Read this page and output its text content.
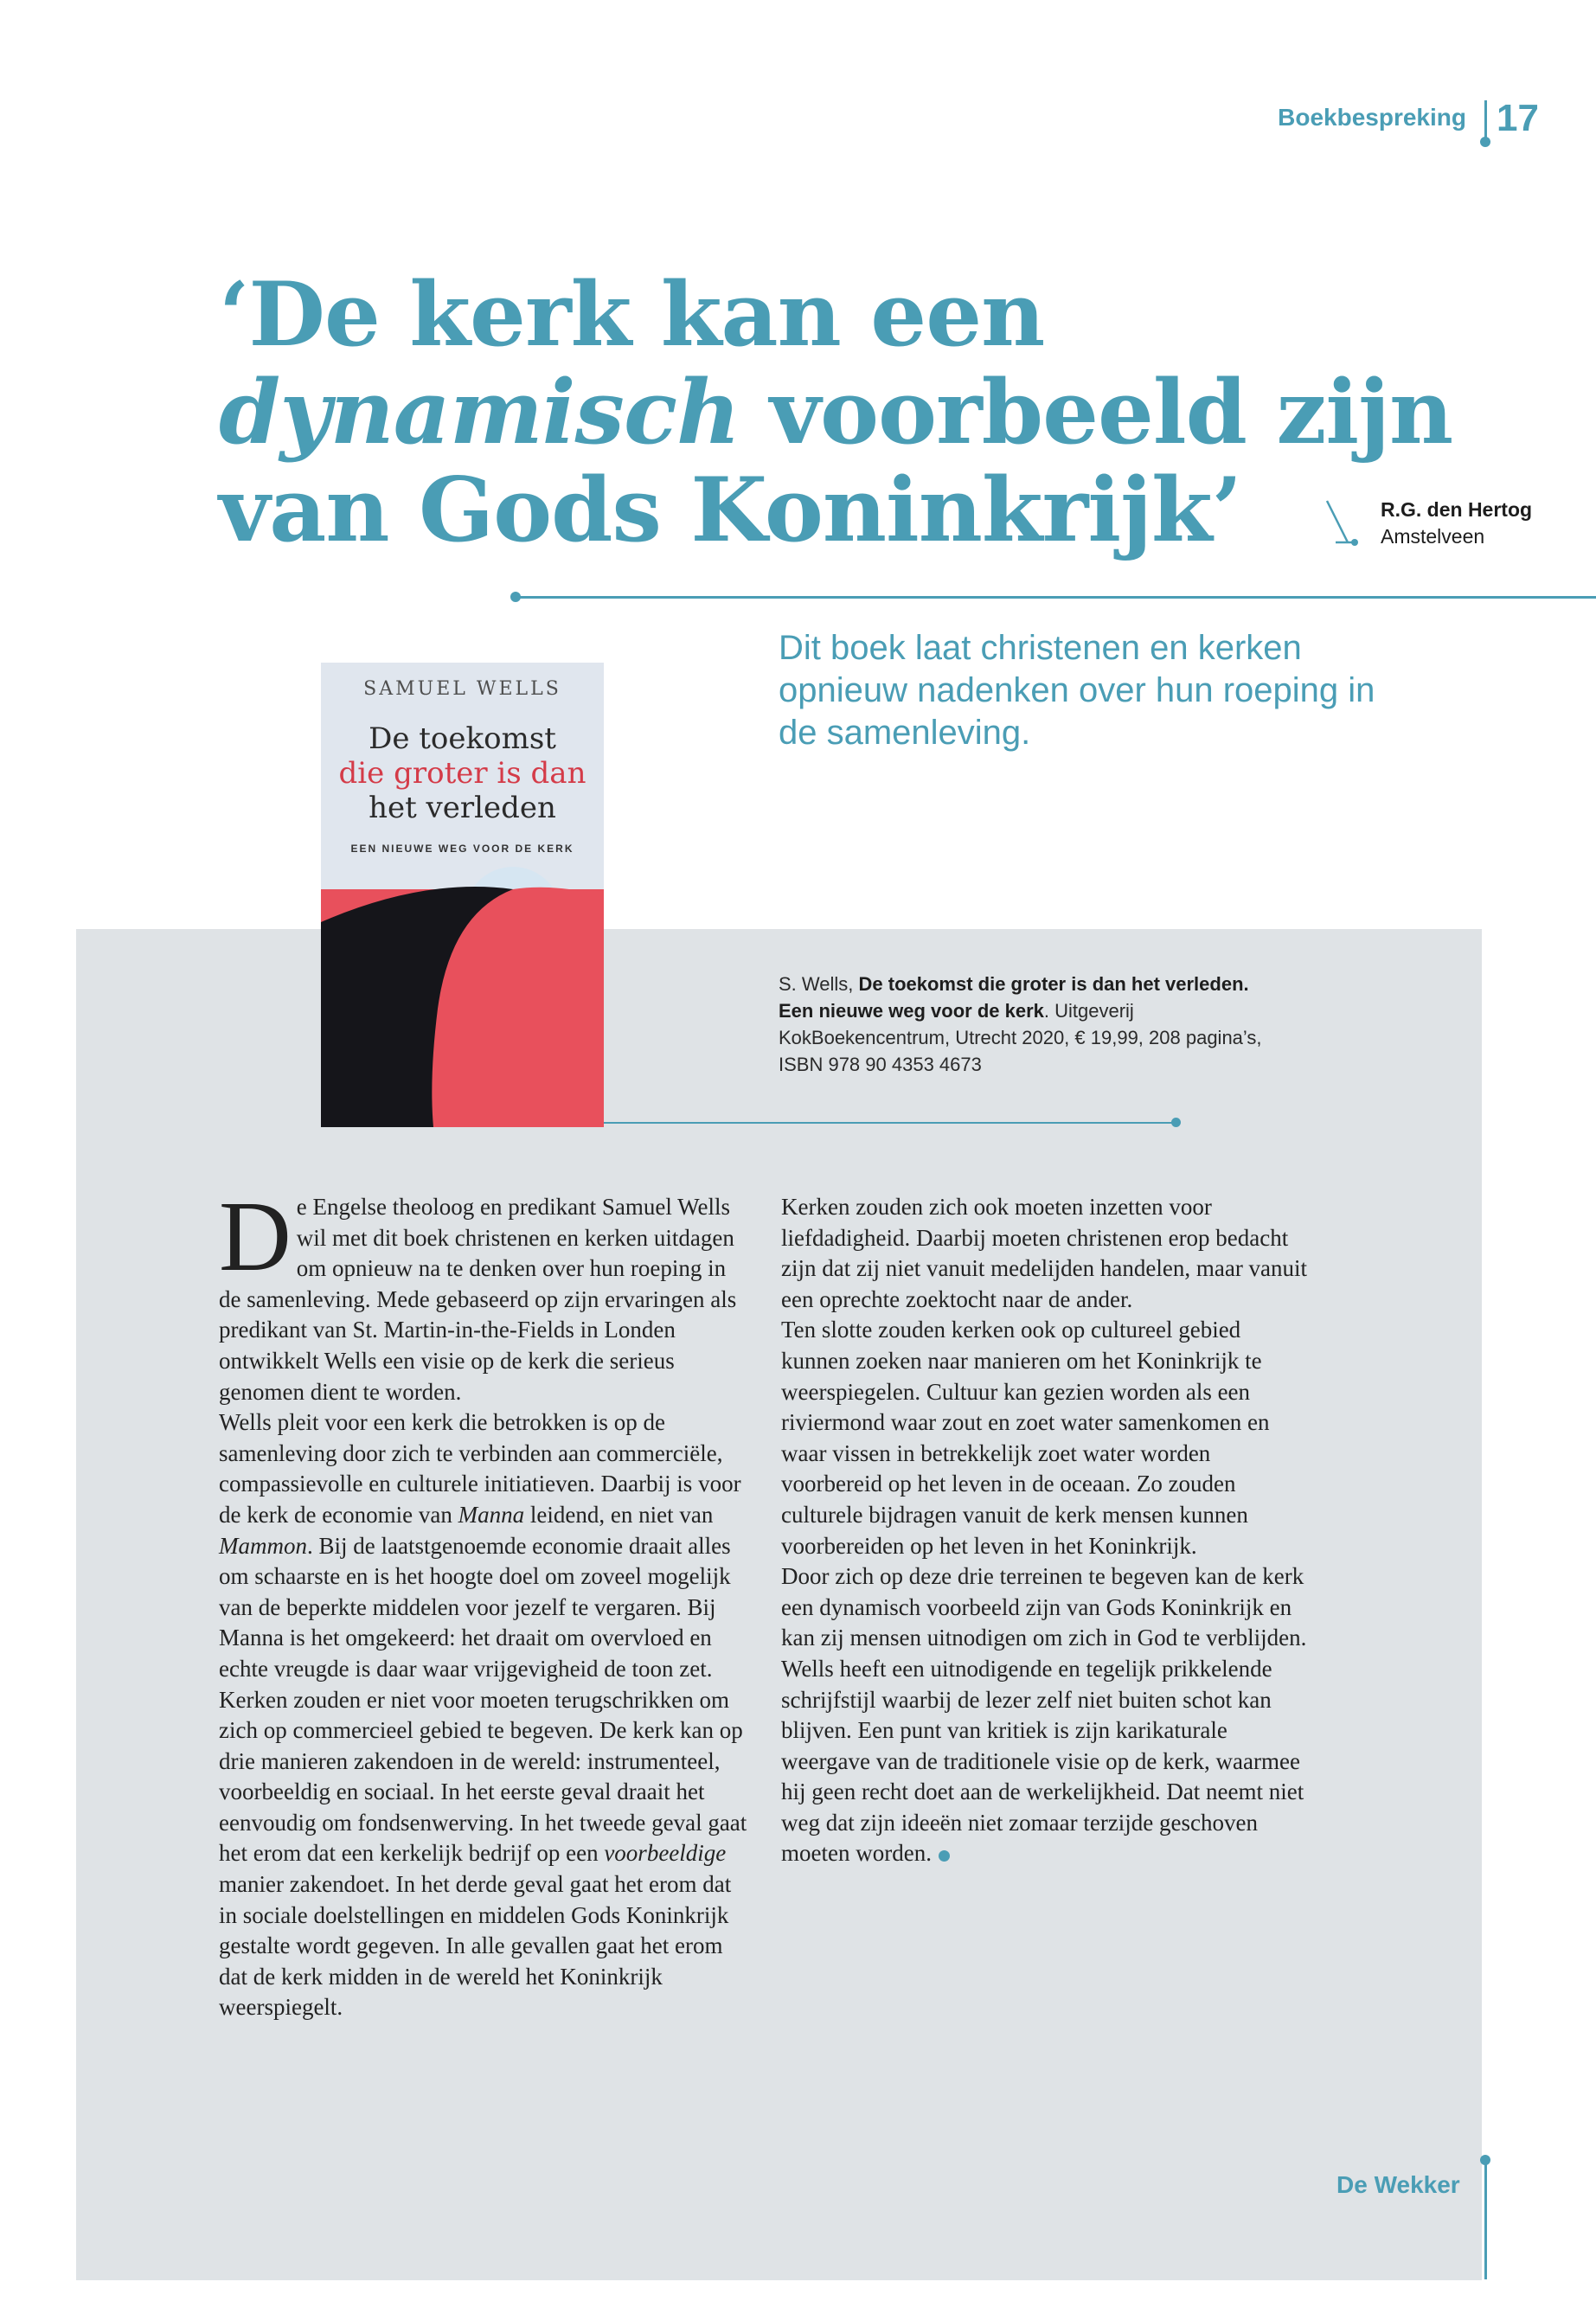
Boekbespreking 17
‘De kerk kan een
dynamisch voorbeeld zijn
van Gods Koninkrijk’	R.G. den Hertog
Amstelveen

Dit boek laat christenen en kerken opnieuw nadenken over hun roeping in de samenleving.

SAMUEL WELLS
De toekomst
die groter is dan
het verleden
EEN NIEUWE WEG VOOR DE KERK

S. Wells, De toekomst die groter is dan het verleden. Een nieuwe weg voor de kerk. Uitgeverij KokBoekencentrum, Utrecht 2020, € 19,99, 208 pagina’s, ISBN 978 90 4353 4673

De Engelse theoloog en predikant Samuel Wells wil met dit boek christenen en kerken uitdagen om opnieuw na te denken over hun roeping in de samenleving. Mede gebaseerd op zijn ervaringen als predikant van St. Martin-in-the-Fields in Londen ontwikkelt Wells een visie op de kerk die serieus genomen dient te worden.

Wells pleit voor een kerk die betrokken is op de samenleving door zich te verbinden aan commerciële, compassievolle en culturele initiatieven. Daarbij is voor de kerk de economie van Manna leidend, en niet van Mammon. Bij de laatstgenoemde economie draait alles om schaarste en is het hoogte doel om zoveel mogelijk van de beperkte middelen voor jezelf te vergaren. Bij Manna is het omgekeerd: het draait om overvloed en echte vreugde is daar waar vrijgevigheid de toon zet.

Kerken zouden er niet voor moeten terugschrikken om zich op commercieel gebied te begeven. De kerk kan op drie manieren zakendoen in de wereld: instrumenteel, voorbeeldig en sociaal. In het eerste geval draait het eenvoudig om fondsenwerving. In het tweede geval gaat het erom dat een kerkelijk bedrijf op een voorbeeldige manier zakendoet. In het derde geval gaat het erom dat in sociale doelstellingen en middelen Gods Koninkrijk gestalte wordt gegeven. In alle gevallen gaat het erom dat de kerk midden in de wereld het Koninkrijk weerspiegelt.

Kerken zouden zich ook moeten inzetten voor liefdadigheid. Daarbij moeten christenen erop bedacht zijn dat zij niet vanuit medelijden handelen, maar vanuit een oprechte zoektocht naar de ander.

Ten slotte zouden kerken ook op cultureel gebied kunnen zoeken naar manieren om het Koninkrijk te weerspiegelen. Cultuur kan gezien worden als een riviermond waar zout en zoet water samenkomen en waar vissen in betrekkelijk zoet water worden voorbereid op het leven in de oceaan. Zo zouden culturele bijdragen vanuit de kerk mensen kunnen voorbereiden op het leven in het Koninkrijk.

Door zich op deze drie terreinen te begeven kan de kerk een dynamisch voorbeeld zijn van Gods Koninkrijk en kan zij mensen uitnodigen om zich in God te verblijden.

Wells heeft een uitnodigende en tegelijk prikkelende schrijfstijl waarbij de lezer zelf niet buiten schot kan blijven. Een punt van kritiek is zijn karikaturale weergave van de traditionele visie op de kerk, waarmee hij geen recht doet aan de werkelijkheid. Dat neemt niet weg dat zijn ideeën niet zomaar terzijde geschoven moeten worden.

De Wekker
